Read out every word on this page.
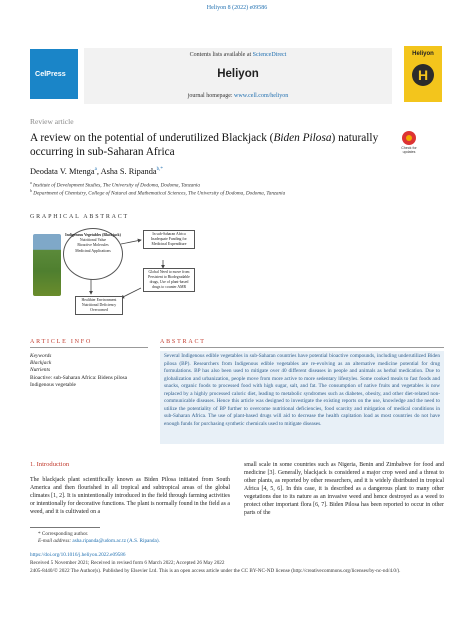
Heliyon 8 (2022) e09586
CelPress
Contents lists available at ScienceDirect
Heliyon
journal homepage: www.cell.com/heliyon
Heliyon
H
Review article
A review on the potential of underutilized Blackjack (Biden Pilosa) naturally occurring in sub-Saharan Africa	Check for updates
Deodata V. Mtenga$^a$, Asha S. Ripanda$^{b,*}$
$^a$ Institute of Development Studies, The University of Dodoma, Dodoma, Tanzania
$^b$ Department of Chemistry, College of Natural and Mathematical Sciences, The University of Dodoma, Dodoma, Tanzania
GRAPHICAL ABSTRACT
Indigenous Vegetables (Blackjack)
Nutritional Value
Bioactive Molecules
Medicinal Applications
In sub-Saharan Africa Inadequate Funding for Medicinal Expenditure
Global Need to move from Persistent to Biodegradable drugs, Use of plant-based drugs to counter AMR
Healthier Environment
Nutritional Deficiency Overcomed
ARTICLE INFO	ABSTRACT
Keywords
Blackjack
Nutrients
Bioactive: sub-Saharan Africa: Bidens pilosa
Indigenous vegetable

Several Indigenous edible vegetables in sub-Saharan countries have potential bioactive compounds, including underutilized Biden pilosa (BP). Researchers from Indigenous edible vegetables are re-evolving as an alternative medicine potential for drug formulations. BP has also been used to mitigate over 40 different diseases in people and animals as herbal medication. Due to globalization and urbanization, people move from more active to more sedentary lifestyles. Some cooked meals to fast foods and snacks, organic foods to processed food with high sugar, salt, and fat. The consumption of native fruits and vegetables is now replaced by a highly processed caloric diet, leading to metabolic syndromes such as diabetes, obesity, and other diet-related non-communicable diseases. Hence this article was designed to investigate the existing reports on the use, knowledge and the need to utilize the potentiality of BP further to overcome nutritional deficiencies, food scarcity and mitigation of medical conditions in sub-Saharan Africa. The use of plant-based drugs will aid to decrease the health capitation load as most countries do not have enough funds for purchasing synthetic chemicals used to mitigate diseases.

1. Introduction

The blackjack plant scientifically known as Biden Pilosa initiated from South America and then flourished in all tropical and subtropical areas of the global climates [1, 2]. It is unintentionally introduced in the field through farming activities or intentionally for decorative functions. The plant is normally found in the field as a weed, and it is cultivated on a

small scale in some countries such as Nigeria, Benin and Zimbabwe for food and medicine [3]. Generally, blackjack is considered a major crop weed and a threat to other plants, as reported by other researchers, and it is widely distributed in tropical Africa [4, 5, 6]. In this case, it is described as a dangerous plant to many other vegetations due to its nature as an invasive weed and hence destroyed as a weed to protect other important flora [6, 7]. Biden Pilosa has been reported to occur in other parts of the

* Corresponding author.
E-mail address: asha.ripanda@udom.ac.tz (A.S. Ripanda).
https://doi.org/10.1016/j.heliyon.2022.e09586
Received 5 November 2021; Received in revised form 6 March 2022; Accepted 26 May 2022
2405-8440/© 2022 The Author(s). Published by Elsevier Ltd. This is an open access article under the CC BY-NC-ND license (http://creativecommons.org/licenses/by-nc-nd/4.0/).
